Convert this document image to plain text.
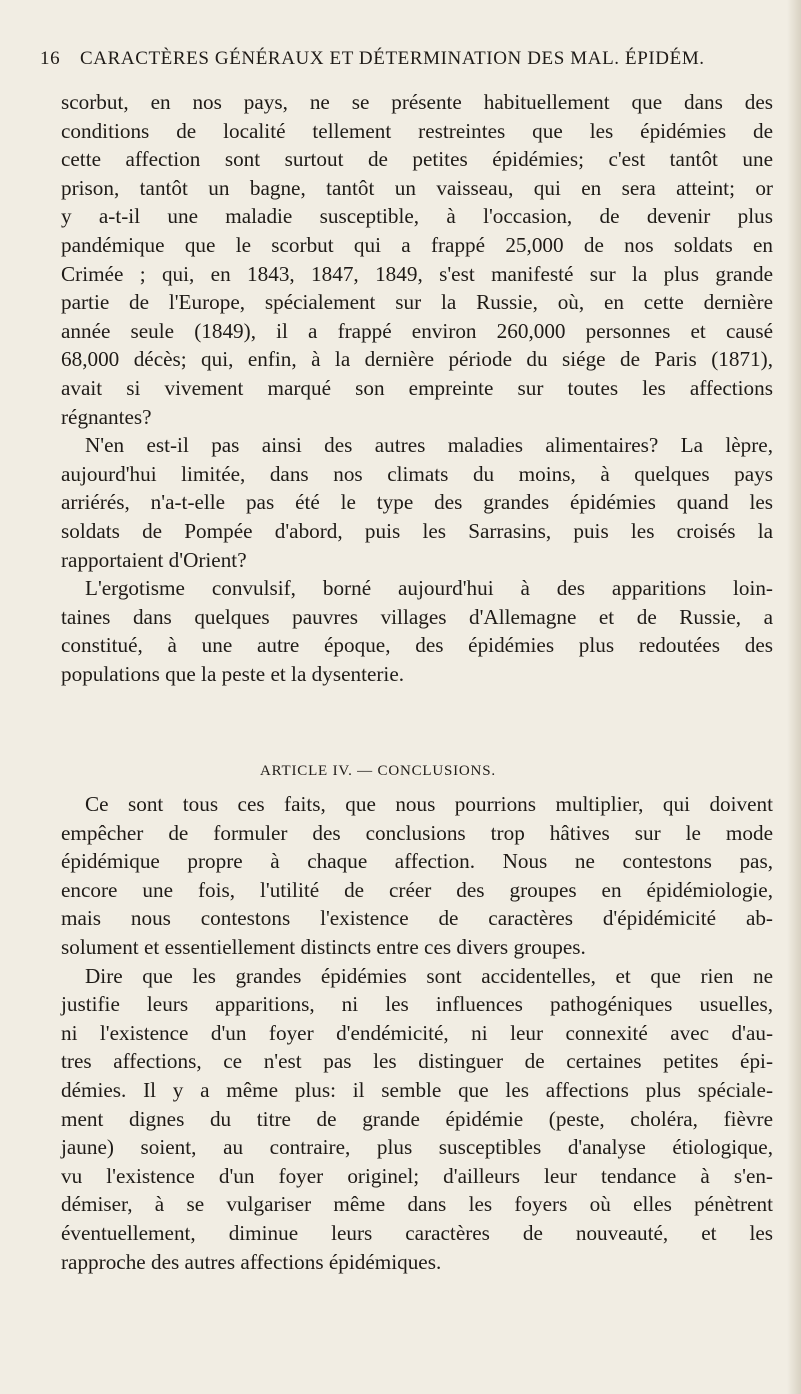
16 CARACTÈRES GÉNÉRAUX ET DÉTERMINATION DES MAL. ÉPIDÉM.
scorbut, en nos pays, ne se présente habituellement que dans des
conditions de localité tellement restreintes que les épidémies de
cette affection sont surtout de petites épidémies; c'est tantôt une
prison, tantôt un bagne, tantôt un vaisseau, qui en sera atteint; or
y a-t-il une maladie susceptible, à l'occasion, de devenir plus
pandémique que le scorbut qui a frappé 25,000 de nos soldats en
Crimée ; qui, en 1843, 1847, 1849, s'est manifesté sur la plus grande
partie de l'Europe, spécialement sur la Russie, où, en cette dernière
année seule (1849), il a frappé environ 260,000 personnes et causé
68,000 décès; qui, enfin, à la dernière période du siége de Paris (1871),
avait si vivement marqué son empreinte sur toutes les affections
régnantes?
N'en est-il pas ainsi des autres maladies alimentaires? La lèpre,
aujourd'hui limitée, dans nos climats du moins, à quelques pays
arriérés, n'a-t-elle pas été le type des grandes épidémies quand les
soldats de Pompée d'abord, puis les Sarrasins, puis les croisés la
rapportaient d'Orient?
L'ergotisme convulsif, borné aujourd'hui à des apparitions loin-
taines dans quelques pauvres villages d'Allemagne et de Russie, a
constitué, à une autre époque, des épidémies plus redoutées des
populations que la peste et la dysenterie.
ARTICLE IV. — CONCLUSIONS.
Ce sont tous ces faits, que nous pourrions multiplier, qui doivent
empêcher de formuler des conclusions trop hâtives sur le mode
épidémique propre à chaque affection. Nous ne contestons pas,
encore une fois, l'utilité de créer des groupes en épidémiologie,
mais nous contestons l'existence de caractères d'épidémicité ab-
solument et essentiellement distincts entre ces divers groupes.
Dire que les grandes épidémies sont accidentelles, et que rien ne
justifie leurs apparitions, ni les influences pathogéniques usuelles,
ni l'existence d'un foyer d'endémicité, ni leur connexité avec d'au-
tres affections, ce n'est pas les distinguer de certaines petites épi-
démies. Il y a même plus: il semble que les affections plus spéciale-
ment dignes du titre de grande épidémie (peste, choléra, fièvre
jaune) soient, au contraire, plus susceptibles d'analyse étiologique,
vu l'existence d'un foyer originel; d'ailleurs leur tendance à s'en-
démiser, à se vulgariser même dans les foyers où elles pénètrent
éventuellement, diminue leurs caractères de nouveauté, et les
rapproche des autres affections épidémiques.
